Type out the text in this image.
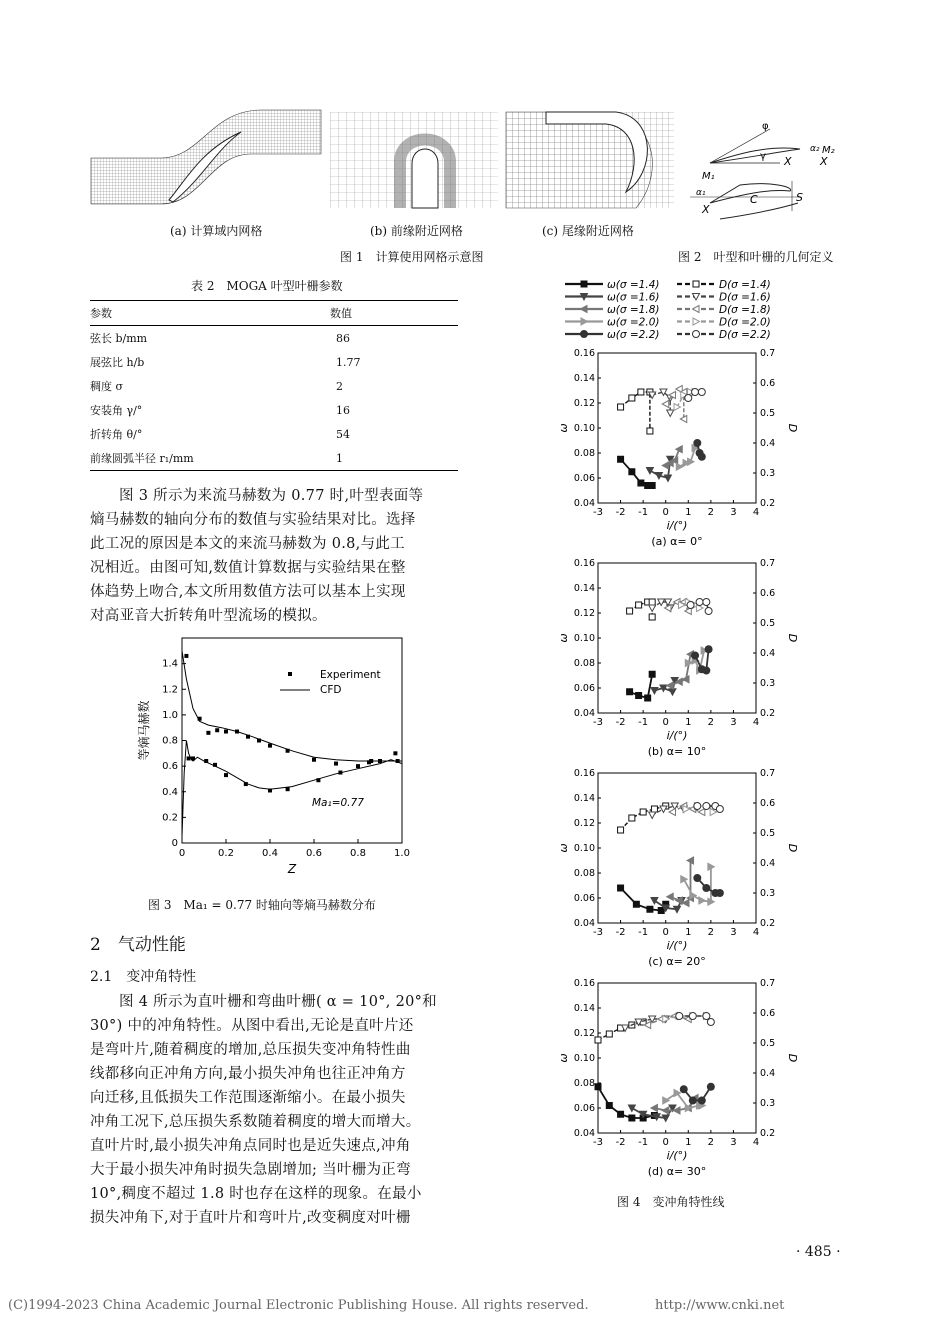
(a) 计算域内网格	(b) 前缘附近网格	(c) 尾缘附近网格
图 1　计算使用网格示意图
φ
γ X
α₂ M₂
X
M₁
α₁
X
C	S
图 2　叶型和叶栅的几何定义
表 2　MOGA 叶型叶栅参数
参数	数值
弦长 b/mm	86
展弦比 h/b	1.77
稠度 σ	2
安装角 γ/°	16
折转角 θ/°	54
前缘圆弧半径 r₁/mm	1
图 3 所示为来流马赫数为 0.77 时,叶型表面等
熵马赫数的轴向分布的数值与实验结果对比。选择
此工况的原因是本文的来流马赫数为 0.8,与此工
况相近。由图可知,数值计算数据与实验结果在整
体趋势上吻合,本文所用数值方法可以基本上实现
对高亚音大折转角叶型流场的模拟。
0	0.2	0.4	0.6	0.8	1.0
0
0.2
0.4
0.6
0.8
1.0
1.2
1.4
Z
等熵马赫数
Experiment
CFD
Ma₁=0.77
图 3　Ma₁ = 0.77 时轴向等熵马赫数分布
2　气动性能
2.1　变冲角特性
图 4 所示为直叶栅和弯曲叶栅( α = 10°, 20°和
30°) 中的冲角特性。从图中看出,无论是直叶片还
是弯叶片,随着稠度的增加,总压损失变冲角特性曲
线都移向正冲角方向,最小损失冲角也往正冲角方
向迁移,且低损失工作范围逐渐缩小。在最小损失
冲角工况下,总压损失系数随着稠度的增大而增大。
直叶片时,最小损失冲角点同时也是近失速点,冲角
大于最小损失冲角时损失急剧增加; 当叶栅为正弯
10°,稠度不超过 1.8 时也存在这样的现象。在最小
损失冲角下,对于直叶片和弯叶片,改变稠度对叶栅
ω(σ =1.4)
ω(σ =1.6)
ω(σ =1.8)
ω(σ =2.0)
ω(σ =2.2)
D(σ =1.4)
D(σ =1.6)
D(σ =1.8)
D(σ =2.0)
D(σ =2.2)
-3 -2 -1 0 1 2 3 4
0.04
0.06
0.08
0.10
0.12
0.14
0.16
0.2
0.3
0.4
0.5
0.6
0.7
i/(°)
ω	D
(a) α= 0°
-3 -2 -1 0 1 2 3 4
0.04
0.06
0.08
0.10
0.12
0.14
0.16
0.2
0.3
0.4
0.5
0.6
0.7
i/(°)
ω	D
(b) α= 10°
-3 -2 -1 0 1 2 3 4
0.04
0.06
0.08
0.10
0.12
0.14
0.16
0.2
0.3
0.4
0.5
0.6
0.7
i/(°)
ω	D
(c) α= 20°
-3 -2 -1 0 1 2 3 4
0.04
0.06
0.08
0.10
0.12
0.14
0.16
0.2
0.3
0.4
0.5
0.6
0.7
i/(°)
ω	D
(d) α= 30°
图 4　变冲角特性线
· 485 ·
(C)1994-2023 China Academic Journal Electronic Publishing House. All rights reserved.	http://www.cnki.net
